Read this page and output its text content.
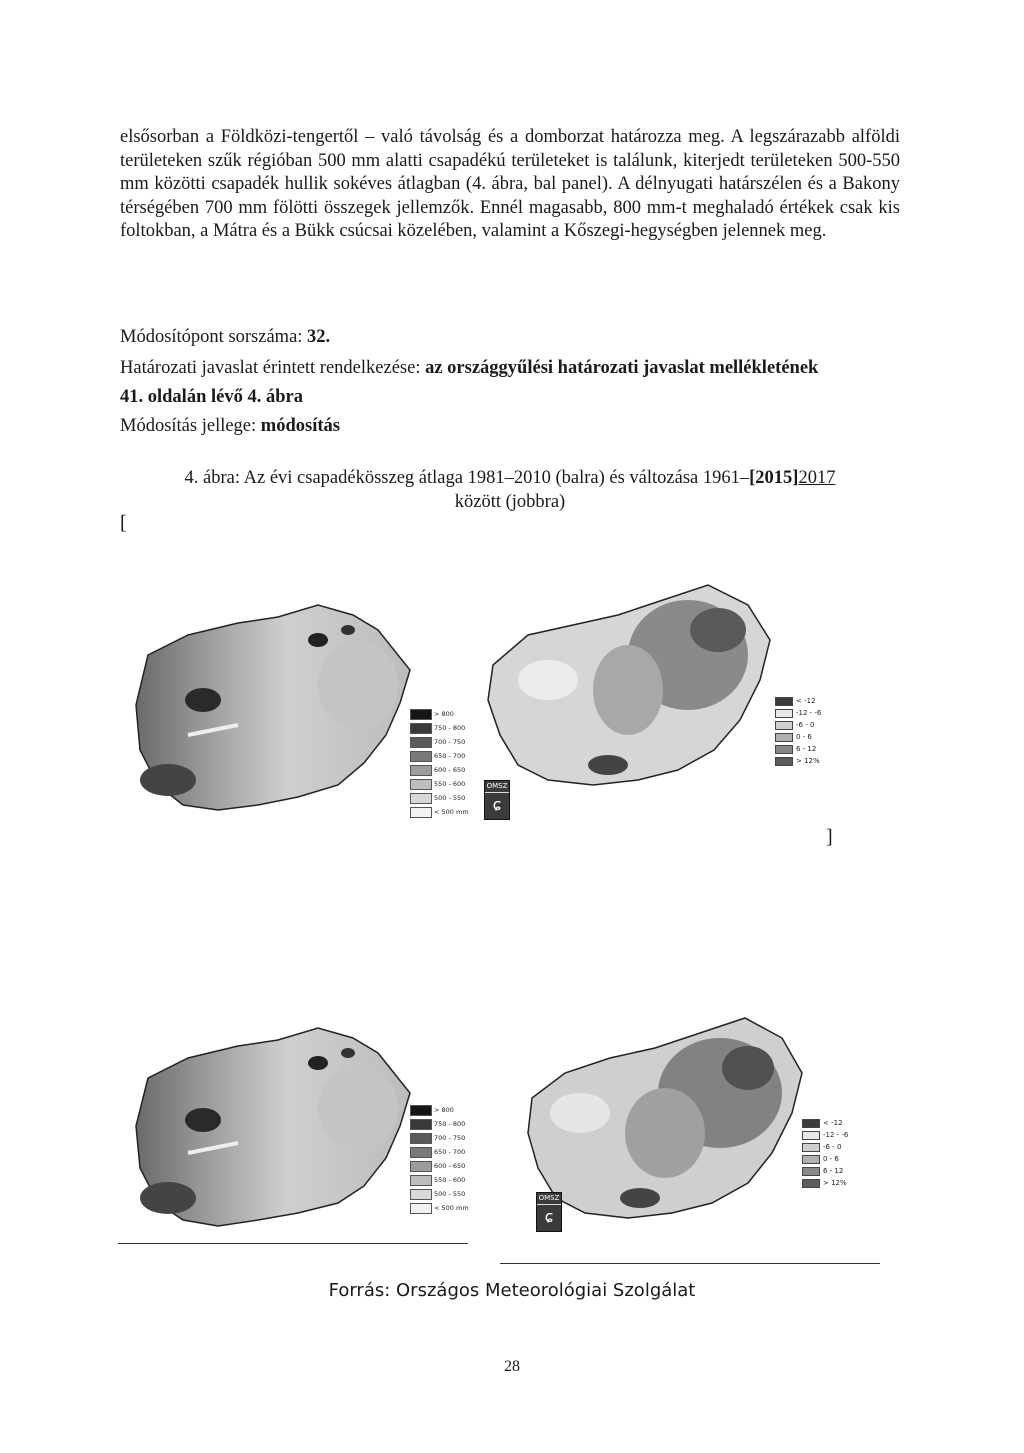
elsősorban a Földközi-tengertől – való távolság és a domborzat határozza meg. A legszárazabb alföldi területeken szűk régióban 500 mm alatti csapadékú területeket is találunk, kiterjedt területeken 500-550 mm közötti csapadék hullik sokéves átlagban (4. ábra, bal panel). A délnyugati határszélen és a Bakony térségében 700 mm fölötti összegek jellemzők. Ennél magasabb, 800 mm-t meghaladó értékek csak kis foltokban, a Mátra és a Bükk csúcsai közelében, valamint a Kőszegi-hegységben jelennek meg.

Módosítópont sorszáma: 32.

Határozati javaslat érintett rendelkezése: az országgyűlési határozati javaslat mellékletének

41. oldalán lévő 4. ábra

Módosítás jellege: módosítás

4. ábra: Az évi csapadékösszeg átlaga 1981–2010 (balra) és változása 1961–[2015]2017

között (jobbra)

[
]
> 800
750 - 800
700 - 750
650 - 700
600 - 650
550 - 600
500 - 550
< 500 mm
< -12
-12 - -6
-6 - 0
0 - 6
6 - 12
> 12%
OMSZ
ɕ
> 800
750 - 800
700 - 750
650 - 700
600 - 650
550 - 600
500 - 550
< 500 mm
< -12
-12 - -6
-6 - 0
0 - 6
6 - 12
> 12%
OMSZ
ɕ
Forrás: Országos Meteorológiai Szolgálat
28
